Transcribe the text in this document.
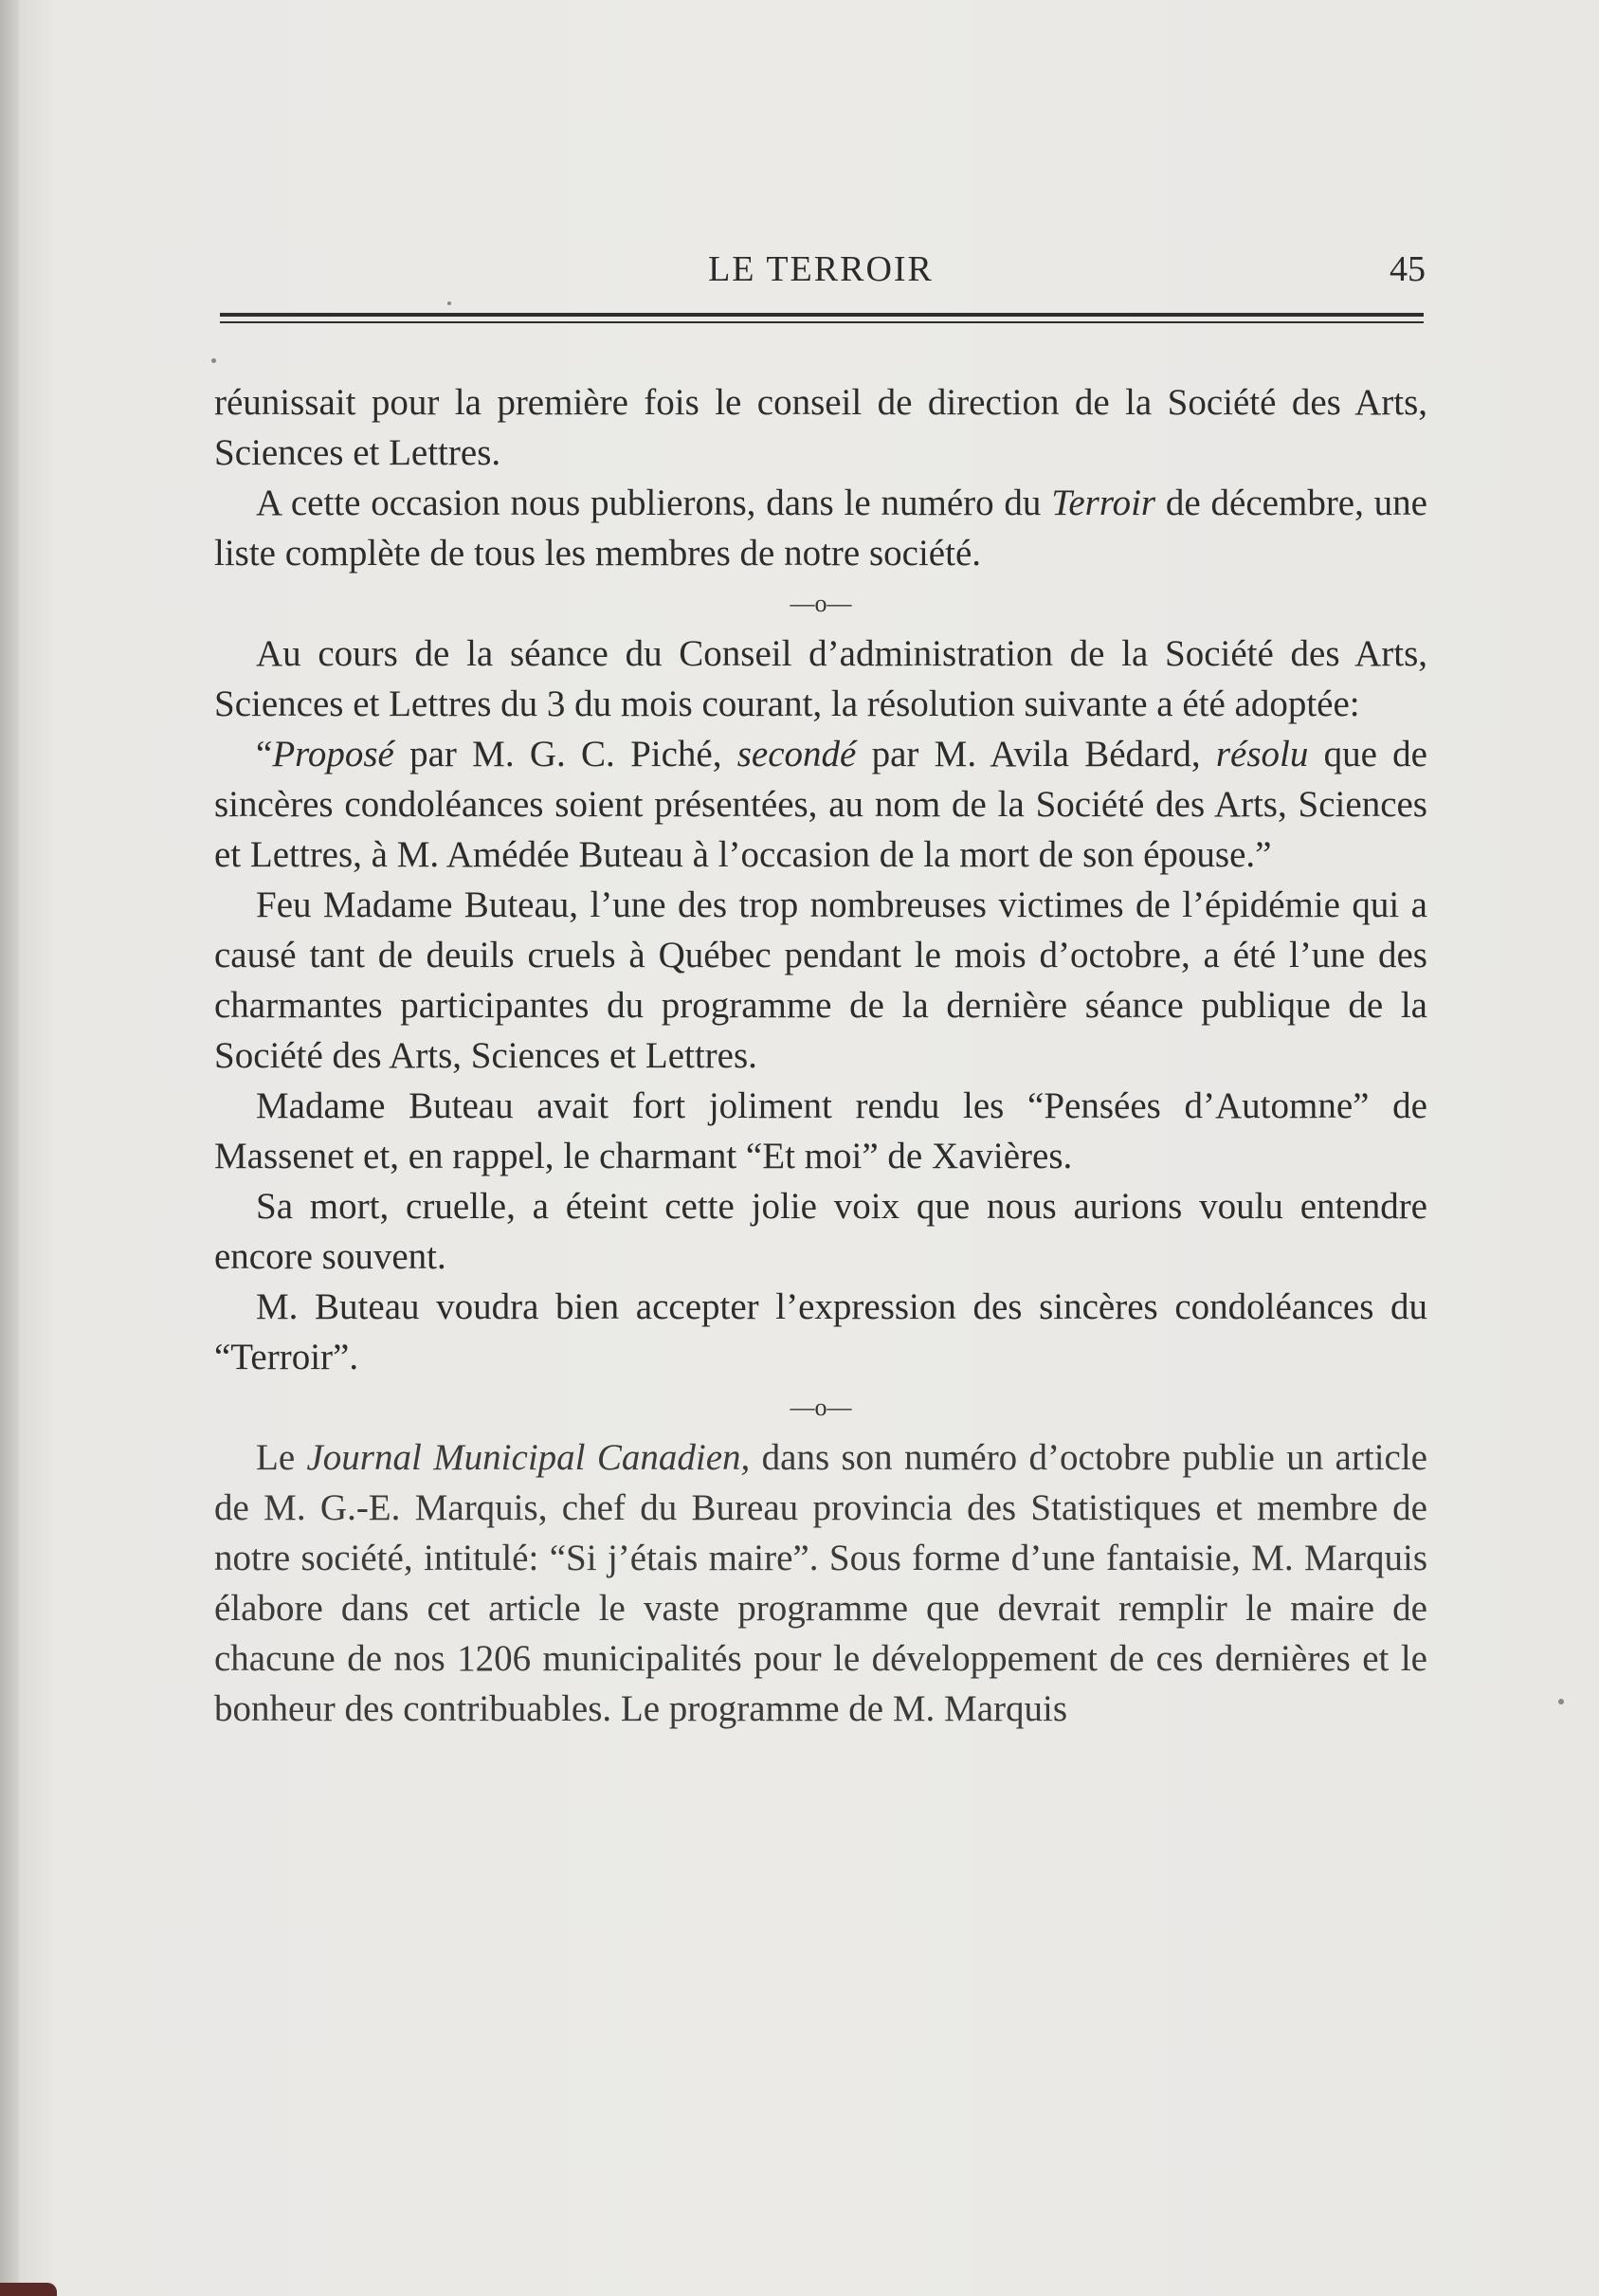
LE TERROIR	45

réunissait pour la première fois le conseil de direction de la Société des Arts, Sciences et Lettres.

A cette occasion nous publierons, dans le numéro du Terroir de décembre, une liste complète de tous les membres de notre société.

—o—

Au cours de la séance du Conseil d’administration de la Société des Arts, Sciences et Lettres du 3 du mois courant, la résolution suivante a été adoptée:

“Proposé par M. G. C. Piché, secondé par M. Avila Bédard, résolu que de sincères condoléances soient présentées, au nom de la Société des Arts, Sciences et Lettres, à M. Amédée Buteau à l’occasion de la mort de son épouse.”

Feu Madame Buteau, l’une des trop nombreuses victimes de l’épidémie qui a causé tant de deuils cruels à Québec pendant le mois d’octobre, a été l’une des charmantes participantes du programme de la dernière séance publique de la Société des Arts, Sciences et Lettres.

Madame Buteau avait fort joliment rendu les “Pensées d’Automne” de Massenet et, en rappel, le charmant “Et moi” de Xavières.

Sa mort, cruelle, a éteint cette jolie voix que nous aurions voulu entendre encore souvent.

M. Buteau voudra bien accepter l’expression des sincères condoléances du “Terroir”.

—o—

Le Journal Municipal Canadien, dans son numéro d’octobre publie un article de M. G.-E. Marquis, chef du Bureau provincia des Statistiques et membre de notre société, intitulé: “Si j’étais maire”. Sous forme d’une fantaisie, M. Marquis élabore dans cet article le vaste programme que devrait remplir le maire de chacune de nos 1206 municipalités pour le développement de ces dernières et le bonheur des contribuables. Le programme de M. Marquis
